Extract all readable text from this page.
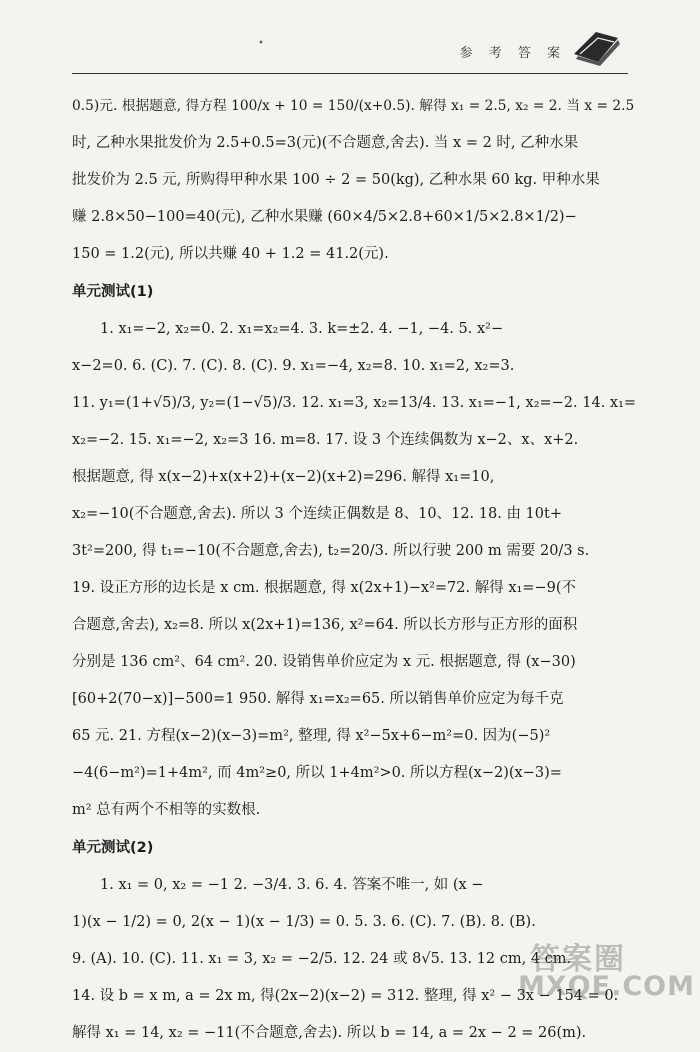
•
参 考 答 案
0.5)元. 根据题意, 得方程 100/x + 10 = 150/(x+0.5). 解得 x₁ = 2.5, x₂ = 2. 当 x = 2.5
时, 乙种水果批发价为 2.5+0.5=3(元)(不合题意,舍去). 当 x = 2 时, 乙种水果
批发价为 2.5 元, 所购得甲种水果 100 ÷ 2 = 50(kg), 乙种水果 60 kg. 甲种水果
赚 2.8×50−100=40(元), 乙种水果赚 (60×4/5×2.8+60×1/5×2.8×1/2)−
150 = 1.2(元), 所以共赚 40 + 1.2 = 41.2(元).
单元测试(1)
1. x₁=−2, x₂=0. 2. x₁=x₂=4. 3. k=±2. 4. −1, −4. 5. x²−
x−2=0. 6. (C). 7. (C). 8. (C). 9. x₁=−4, x₂=8. 10. x₁=2, x₂=3.
11. y₁=(1+√5)/3, y₂=(1−√5)/3. 12. x₁=3, x₂=13/4. 13. x₁=−1, x₂=−2. 14. x₁=
x₂=−2. 15. x₁=−2, x₂=3 16. m=8. 17. 设 3 个连续偶数为 x−2、x、x+2.
根据题意, 得 x(x−2)+x(x+2)+(x−2)(x+2)=296. 解得 x₁=10,
x₂=−10(不合题意,舍去). 所以 3 个连续正偶数是 8、10、12. 18. 由 10t+
3t²=200, 得 t₁=−10(不合题意,舍去), t₂=20/3. 所以行驶 200 m 需要 20/3 s.
19. 设正方形的边长是 x cm. 根据题意, 得 x(2x+1)−x²=72. 解得 x₁=−9(不
合题意,舍去), x₂=8. 所以 x(2x+1)=136, x²=64. 所以长方形与正方形的面积
分别是 136 cm²、64 cm². 20. 设销售单价应定为 x 元. 根据题意, 得 (x−30)
[60+2(70−x)]−500=1 950. 解得 x₁=x₂=65. 所以销售单价应定为每千克
65 元. 21. 方程(x−2)(x−3)=m², 整理, 得 x²−5x+6−m²=0. 因为(−5)²
−4(6−m²)=1+4m², 而 4m²≥0, 所以 1+4m²>0. 所以方程(x−2)(x−3)=
m² 总有两个不相等的实数根.
单元测试(2)
1. x₁ = 0, x₂ = −1 2. −3/4. 3. 6. 4. 答案不唯一, 如 (x −
1)(x − 1/2) = 0, 2(x − 1)(x − 1/3) = 0. 5. 3. 6. (C). 7. (B). 8. (B).
9. (A). 10. (C). 11. x₁ = 3, x₂ = −2/5. 12. 24 或 8√5. 13. 12 cm, 4 cm.
14. 设 b = x m, a = 2x m, 得(2x−2)(x−2) = 312. 整理, 得 x² − 3x − 154 = 0.
解得 x₁ = 14, x₂ = −11(不合题意,舍去). 所以 b = 14, a = 2x − 2 = 26(m).
答案圈
MXQE.COM
